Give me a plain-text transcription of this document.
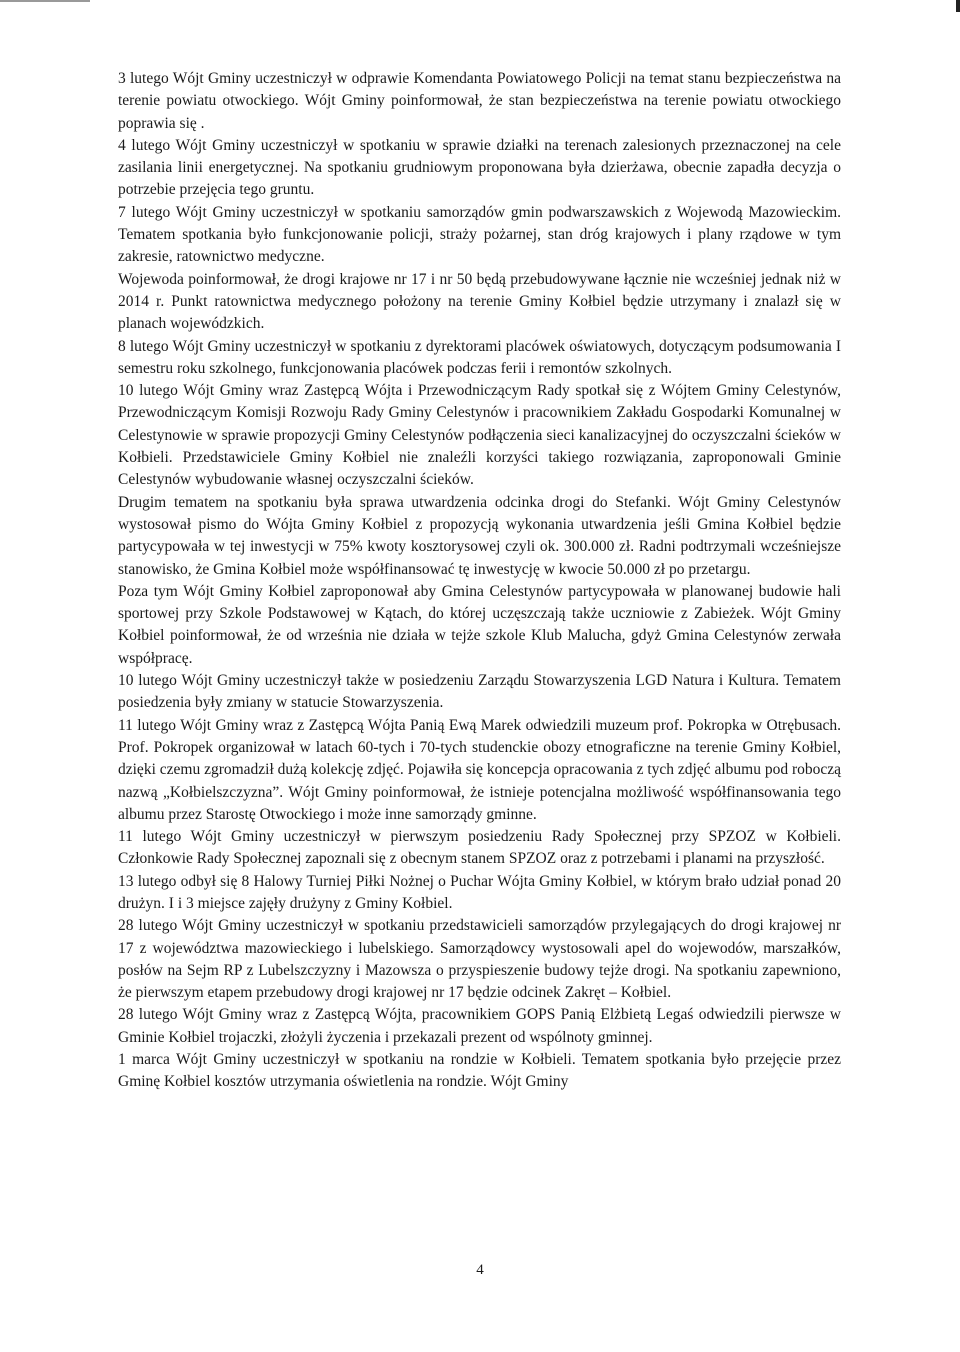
3 lutego Wójt Gminy uczestniczył w odprawie Komendanta Powiatowego Policji na temat stanu bezpieczeństwa na terenie powiatu otwockiego. Wójt Gminy poinformował, że stan bezpieczeństwa na terenie powiatu otwockiego poprawia się .

4 lutego Wójt Gminy uczestniczył w spotkaniu w sprawie działki na terenach zalesionych przeznaczonej na cele zasilania linii energetycznej. Na spotkaniu grudniowym proponowana była dzierżawa, obecnie zapadła decyzja o potrzebie przejęcia tego gruntu.

7 lutego Wójt Gminy uczestniczył w spotkaniu samorządów gmin podwarszawskich z Wojewodą Mazowieckim. Tematem spotkania było funkcjonowanie policji, straży pożarnej, stan dróg krajowych i plany rządowe w tym zakresie, ratownictwo medyczne.

Wojewoda poinformował, że drogi krajowe nr 17 i nr 50 będą przebudowywane łącznie nie wcześniej jednak niż w 2014 r. Punkt ratownictwa medycznego położony na terenie Gminy Kołbiel będzie utrzymany i znalazł się w planach wojewódzkich.

8 lutego Wójt Gminy uczestniczył w spotkaniu z dyrektorami placówek oświatowych, dotyczącym podsumowania I semestru roku szkolnego, funkcjonowania placówek podczas ferii i remontów szkolnych.

10 lutego Wójt Gminy wraz Zastępcą Wójta i Przewodniczącym Rady spotkał się z Wójtem Gminy Celestynów, Przewodniczącym Komisji Rozwoju Rady Gminy Celestynów i pracownikiem Zakładu Gospodarki Komunalnej w Celestynowie w sprawie propozycji Gminy Celestynów podłączenia sieci kanalizacyjnej do oczyszczalni ścieków w Kołbieli. Przedstawiciele Gminy Kołbiel nie znaleźli korzyści takiego rozwiązania, zaproponowali Gminie Celestynów wybudowanie własnej oczyszczalni ścieków.

Drugim tematem na spotkaniu była sprawa utwardzenia odcinka drogi do Stefanki. Wójt Gminy Celestynów wystosował pismo do Wójta Gminy Kołbiel z propozycją wykonania utwardzenia jeśli Gmina Kołbiel będzie partycypowała w tej inwestycji w 75% kwoty kosztorysowej czyli ok. 300.000 zł. Radni podtrzymali wcześniejsze stanowisko, że Gmina Kołbiel może współfinansować tę inwestycję w kwocie 50.000 zł po przetargu.

Poza tym Wójt Gminy Kołbiel zaproponował aby Gmina Celestynów partycypowała w planowanej budowie hali sportowej przy Szkole Podstawowej w Kątach, do której uczęszczają także uczniowie z Zabieżek. Wójt Gminy Kołbiel poinformował, że od września nie działa w tejże szkole Klub Malucha, gdyż Gmina Celestynów zerwała współpracę.

10 lutego Wójt Gminy uczestniczył także w posiedzeniu Zarządu Stowarzyszenia LGD Natura i Kultura. Tematem posiedzenia były zmiany w statucie Stowarzyszenia.

11 lutego Wójt Gminy wraz z Zastępcą Wójta Panią Ewą Marek odwiedzili muzeum prof. Pokropka w Otrębusach. Prof. Pokropek organizował w latach 60-tych i 70-tych studenckie obozy etnograficzne na terenie Gminy Kołbiel, dzięki czemu zgromadził dużą kolekcję zdjęć. Pojawiła się koncepcja opracowania z tych zdjęć albumu pod roboczą nazwą „Kołbielszczyzna”. Wójt Gminy poinformował, że istnieje potencjalna możliwość współfinansowania tego albumu przez Starostę Otwockiego i może inne samorządy gminne.

11 lutego Wójt Gminy uczestniczył w pierwszym posiedzeniu Rady Społecznej przy SPZOZ w Kołbieli. Członkowie Rady Społecznej zapoznali się z obecnym stanem SPZOZ oraz z potrzebami i planami na przyszłość.

13 lutego odbył się 8 Halowy Turniej Piłki Nożnej o Puchar Wójta Gminy Kołbiel, w którym brało udział ponad 20 drużyn. I i 3 miejsce zajęły drużyny z Gminy Kołbiel.

28 lutego Wójt Gminy uczestniczył w spotkaniu przedstawicieli samorządów przylegających do drogi krajowej nr 17 z województwa mazowieckiego i lubelskiego. Samorządowcy wystosowali apel do wojewodów, marszałków, posłów na Sejm RP z Lubelszczyzny i Mazowsza o przyspieszenie budowy tejże drogi. Na spotkaniu zapewniono, że pierwszym etapem przebudowy drogi krajowej nr 17 będzie odcinek Zakręt – Kołbiel.

28 lutego Wójt Gminy wraz z Zastępcą Wójta, pracownikiem GOPS Panią Elżbietą Legaś odwiedzili pierwsze w Gminie Kołbiel trojaczki, złożyli życzenia i przekazali prezent od wspólnoty gminnej.

1 marca Wójt Gminy uczestniczył w spotkaniu na rondzie w Kołbieli. Tematem spotkania było przejęcie przez Gminę Kołbiel kosztów utrzymania oświetlenia na rondzie. Wójt Gminy

4
